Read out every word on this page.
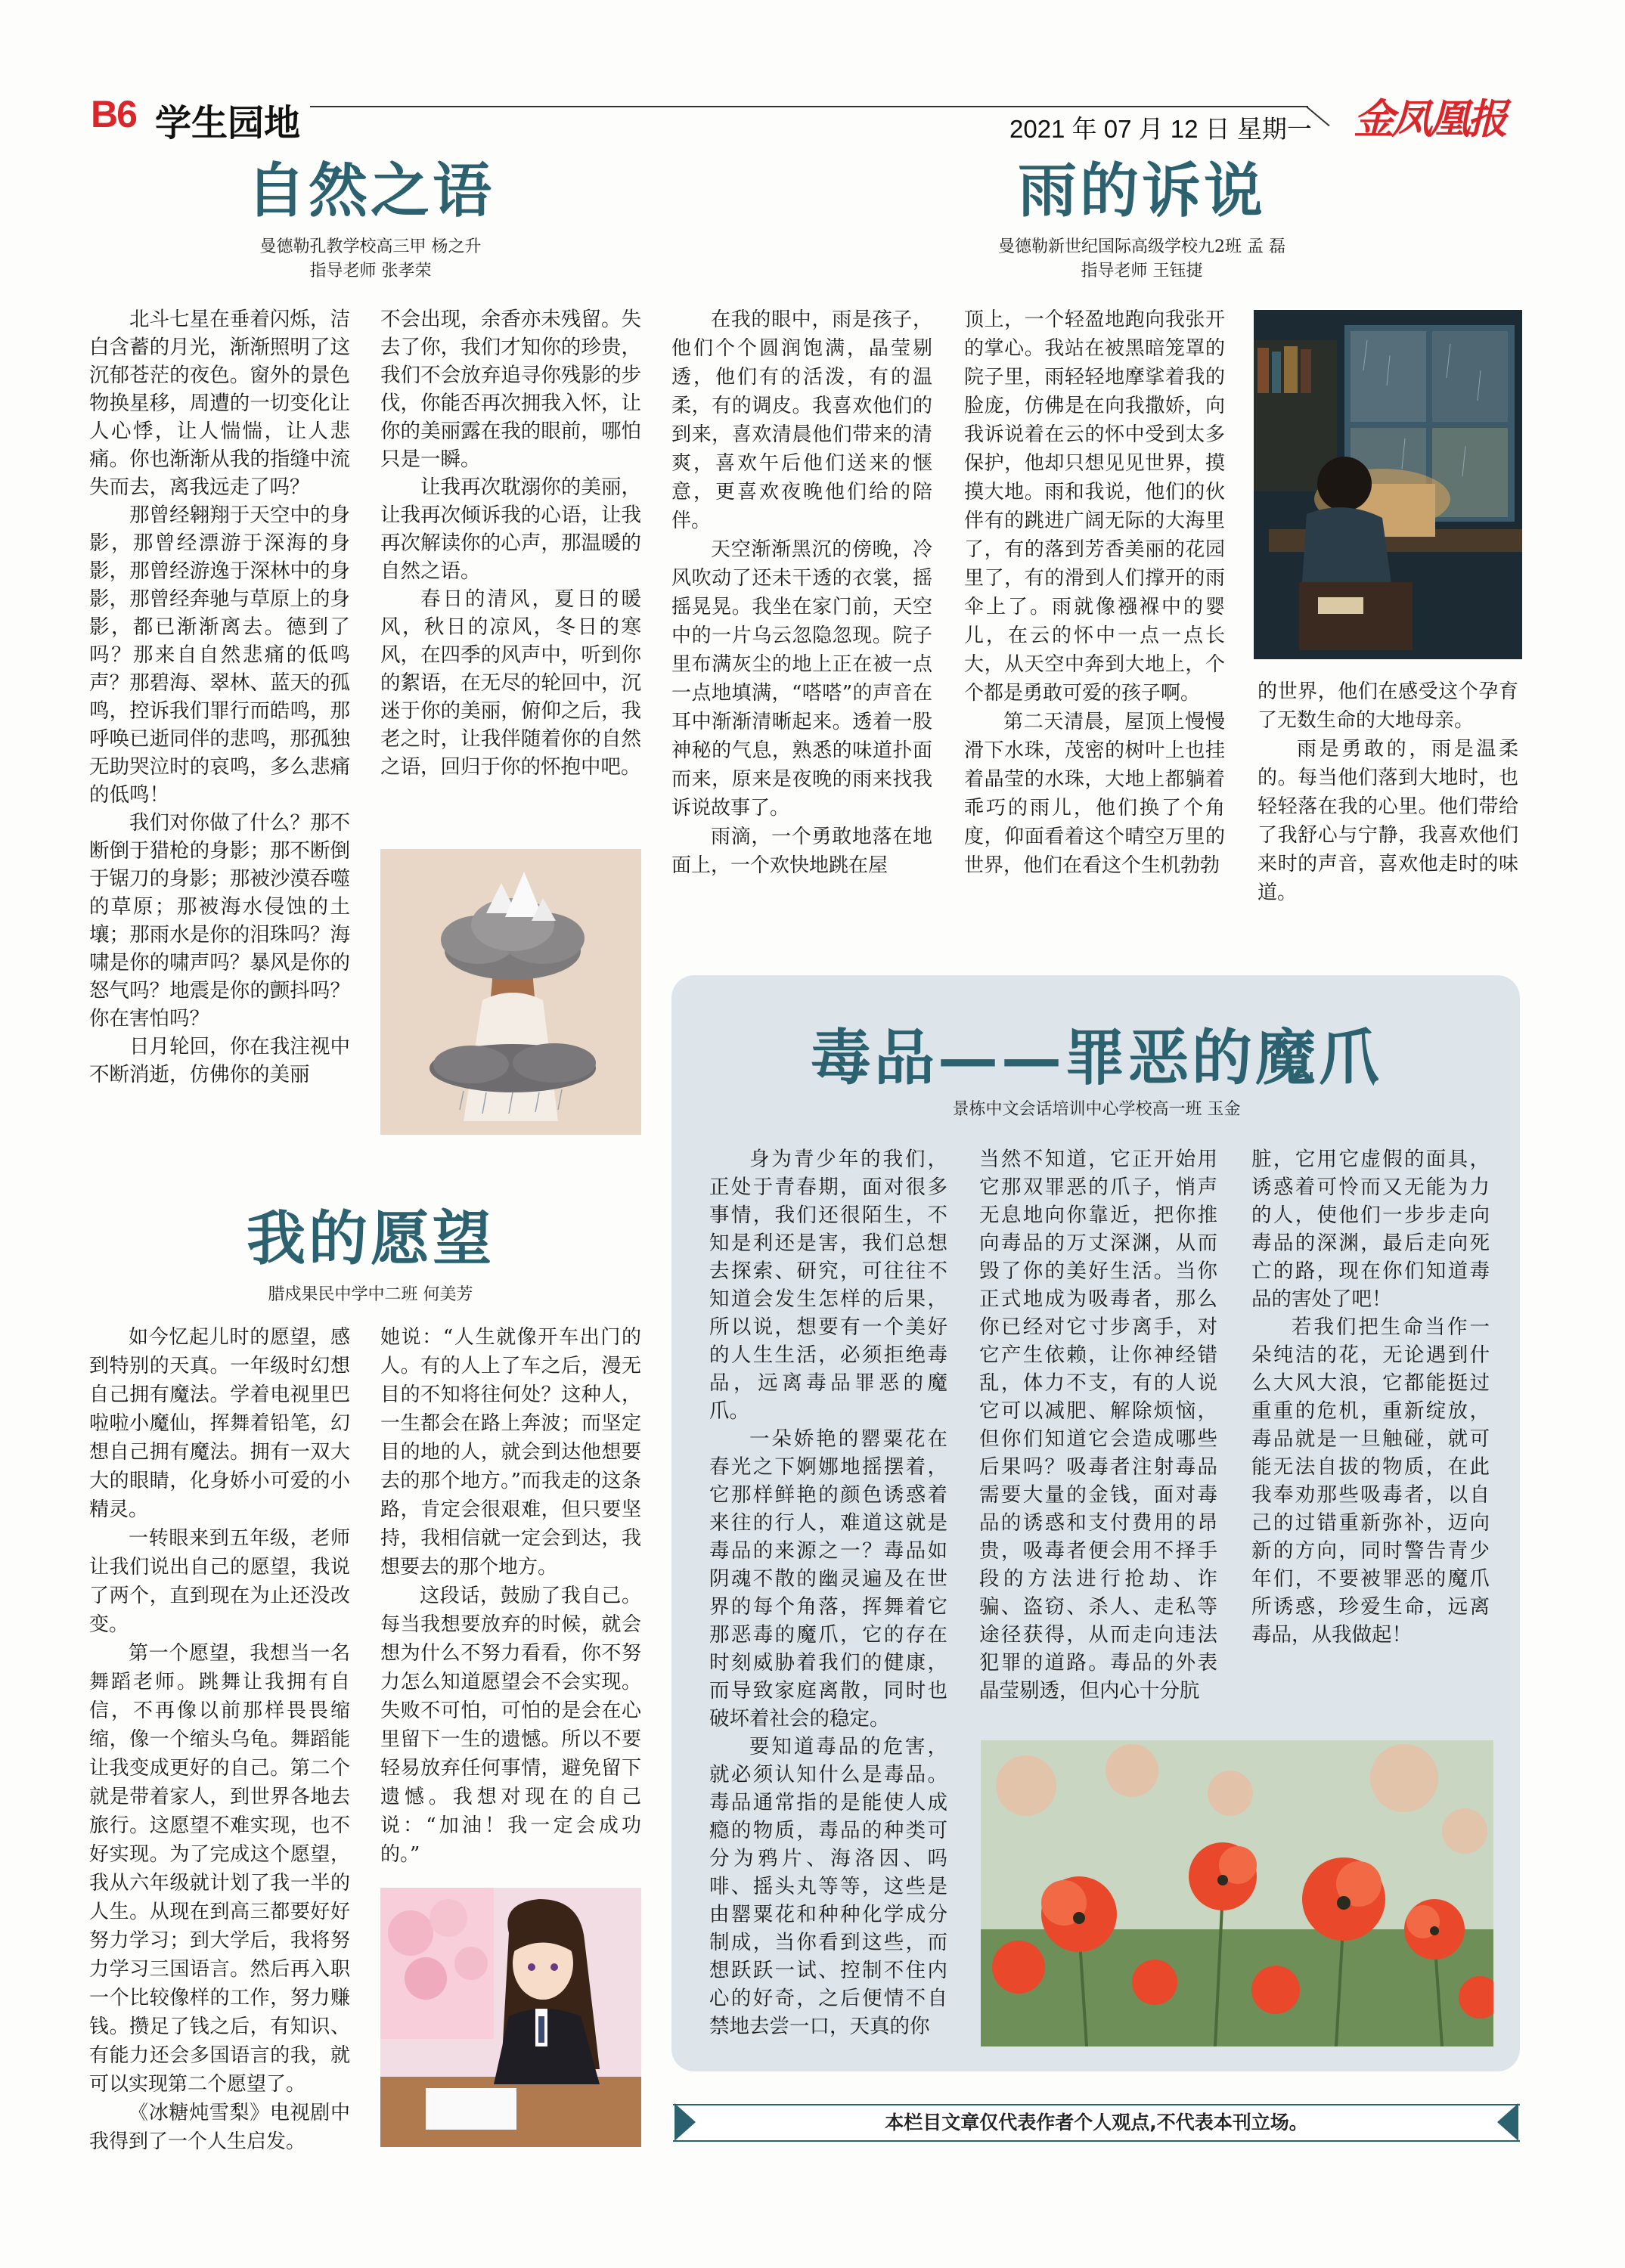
B6 学生园地	2021 年 07 月 12 日 星期一 金凤凰报
自然之语
曼德勒孔教学校高三甲 杨之升
指导老师 张孝荣

北斗七星在垂着闪烁，洁白含蓄的月光，渐渐照明了这沉郁苍茫的夜色。窗外的景色物换星移，周遭的一切变化让人心悸，让人惴惴，让人悲痛。你也渐渐从我的指缝中流失而去，离我远走了吗？

那曾经翱翔于天空中的身影，那曾经漂游于深海的身影，那曾经游逸于深林中的身影，那曾经奔驰与草原上的身影，都已渐渐离去。德到了吗？那来自自然悲痛的低鸣声？那碧海、翠林、蓝天的孤鸣，控诉我们罪行而皓鸣，那呼唤已逝同伴的悲鸣，那孤独无助哭泣时的哀鸣，多么悲痛的低鸣！

我们对你做了什么？那不断倒于猎枪的身影；那不断倒于锯刀的身影；那被沙漠吞噬的草原；那被海水侵蚀的土壤；那雨水是你的泪珠吗？海啸是你的啸声吗？暴风是你的怒气吗？地震是你的颤抖吗？你在害怕吗？

日月轮回，你在我注视中不断消逝，仿佛你的美丽

不会出现，余香亦未残留。失去了你，我们才知你的珍贵，我们不会放弃追寻你残影的步伐，你能否再次拥我入怀，让你的美丽露在我的眼前，哪怕只是一瞬。

让我再次耽溺你的美丽，让我再次倾诉我的心语，让我再次解读你的心声，那温暖的自然之语。

春日的清风，夏日的暖风，秋日的凉风，冬日的寒风，在四季的风声中，听到你的絮语，在无尽的轮回中，沉迷于你的美丽，俯仰之后，我老之时，让我伴随着你的自然之语，回归于你的怀抱中吧。

雨的诉说
曼德勒新世纪国际高级学校九2班 孟 磊
指导老师 王钰捷

在我的眼中，雨是孩子，他们个个圆润饱满，晶莹剔透，他们有的活泼，有的温柔，有的调皮。我喜欢他们的到来，喜欢清晨他们带来的清爽，喜欢午后他们送来的惬意，更喜欢夜晚他们给的陪伴。

天空渐渐黑沉的傍晚，冷风吹动了还未干透的衣裳，摇摇晃晃。我坐在家门前，天空中的一片乌云忽隐忽现。院子里布满灰尘的地上正在被一点一点地填满，“嗒嗒”的声音在耳中渐渐清晰起来。透着一股神秘的气息，熟悉的味道扑面而来，原来是夜晚的雨来找我诉说故事了。

雨滴，一个勇敢地落在地面上，一个欢快地跳在屋

顶上，一个轻盈地跑向我张开的掌心。我站在被黑暗笼罩的院子里，雨轻轻地摩挲着我的脸庞，仿佛是在向我撒娇，向我诉说着在云的怀中受到太多保护，他却只想见见世界，摸摸大地。雨和我说，他们的伙伴有的跳进广阔无际的大海里了，有的落到芳香美丽的花园里了，有的滑到人们撑开的雨伞上了。雨就像襁褓中的婴儿，在云的怀中一点一点长大，从天空中奔到大地上，个个都是勇敢可爱的孩子啊。

第二天清晨，屋顶上慢慢滑下水珠，茂密的树叶上也挂着晶莹的水珠，大地上都躺着乖巧的雨儿，他们换了个角度，仰面看着这个晴空万里的世界，他们在看这个生机勃勃

的世界，他们在感受这个孕育了无数生命的大地母亲。

雨是勇敢的，雨是温柔的。每当他们落到大地时，也轻轻落在我的心里。他们带给了我舒心与宁静，我喜欢他们来时的声音，喜欢他走时的味道。

我的愿望
腊戍果民中学中二班 何美芳

如今忆起儿时的愿望，感到特别的天真。一年级时幻想自己拥有魔法。学着电视里巴啦啦小魔仙，挥舞着铅笔，幻想自己拥有魔法。拥有一双大大的眼睛，化身娇小可爱的小精灵。

一转眼来到五年级，老师让我们说出自己的愿望，我说了两个，直到现在为止还没改变。

第一个愿望，我想当一名舞蹈老师。跳舞让我拥有自信，不再像以前那样畏畏缩缩，像一个缩头乌龟。舞蹈能让我变成更好的自己。第二个就是带着家人，到世界各地去旅行。这愿望不难实现，也不好实现。为了完成这个愿望，我从六年级就计划了我一半的人生。从现在到高三都要好好努力学习；到大学后，我将努力学习三国语言。然后再入职一个比较像样的工作，努力赚钱。攒足了钱之后，有知识、有能力还会多国语言的我，就可以实现第二个愿望了。

《冰糖炖雪梨》电视剧中我得到了一个人生启发。

她说：“人生就像开车出门的人。有的人上了车之后，漫无目的不知将往何处？这种人，一生都会在路上奔波；而坚定目的地的人，就会到达他想要去的那个地方。”而我走的这条路，肯定会很艰难，但只要坚持，我相信就一定会到达，我想要去的那个地方。

这段话，鼓励了我自己。每当我想要放弃的时候，就会想为什么不努力看看，你不努力怎么知道愿望会不会实现。失败不可怕，可怕的是会在心里留下一生的遗憾。所以不要轻易放弃任何事情，避免留下遗憾。我想对现在的自己说：“加油！我一定会成功的。”

毒品——罪恶的魔爪
景栋中文会话培训中心学校高一班 玉金

身为青少年的我们，正处于青春期，面对很多事情，我们还很陌生，不知是利还是害，我们总想去探索、研究，可往往不知道会发生怎样的后果，所以说，想要有一个美好的人生生活，必须拒绝毒品，远离毒品罪恶的魔爪。

一朵娇艳的罂粟花在春光之下婀娜地摇摆着，它那样鲜艳的颜色诱惑着来往的行人，难道这就是毒品的来源之一？毒品如阴魂不散的幽灵遍及在世界的每个角落，挥舞着它那恶毒的魔爪，它的存在时刻威胁着我们的健康，而导致家庭离散，同时也破坏着社会的稳定。

要知道毒品的危害，就必须认知什么是毒品。毒品通常指的是能使人成瘾的物质，毒品的种类可分为鸦片、海洛因、吗啡、摇头丸等等，这些是由罂粟花和种种化学成分制成，当你看到这些，而想跃跃一试、控制不住内心的好奇，之后便情不自禁地去尝一口，天真的你

当然不知道，它正开始用它那双罪恶的爪子，悄声无息地向你靠近，把你推向毒品的万丈深渊，从而毁了你的美好生活。当你正式地成为吸毒者，那么你已经对它寸步离手，对它产生依赖，让你神经错乱，体力不支，有的人说它可以减肥、解除烦恼，但你们知道它会造成哪些后果吗？吸毒者注射毒品需要大量的金钱，面对毒品的诱惑和支付费用的昂贵，吸毒者便会用不择手段的方法进行抢劫、诈骗、盗窃、杀人、走私等途径获得，从而走向违法犯罪的道路。毒品的外表晶莹剔透，但内心十分肮

脏，它用它虚假的面具，诱惑着可怜而又无能为力的人，使他们一步步走向毒品的深渊，最后走向死亡的路，现在你们知道毒品的害处了吧！

若我们把生命当作一朵纯洁的花，无论遇到什么大风大浪，它都能挺过重重的危机，重新绽放，毒品就是一旦触碰，就可能无法自拔的物质，在此我奉劝那些吸毒者，以自己的过错重新弥补，迈向新的方向，同时警告青少年们，不要被罪恶的魔爪所诱惑，珍爱生命，远离毒品，从我做起！

本栏目文章仅代表作者个人观点,不代表本刊立场。
